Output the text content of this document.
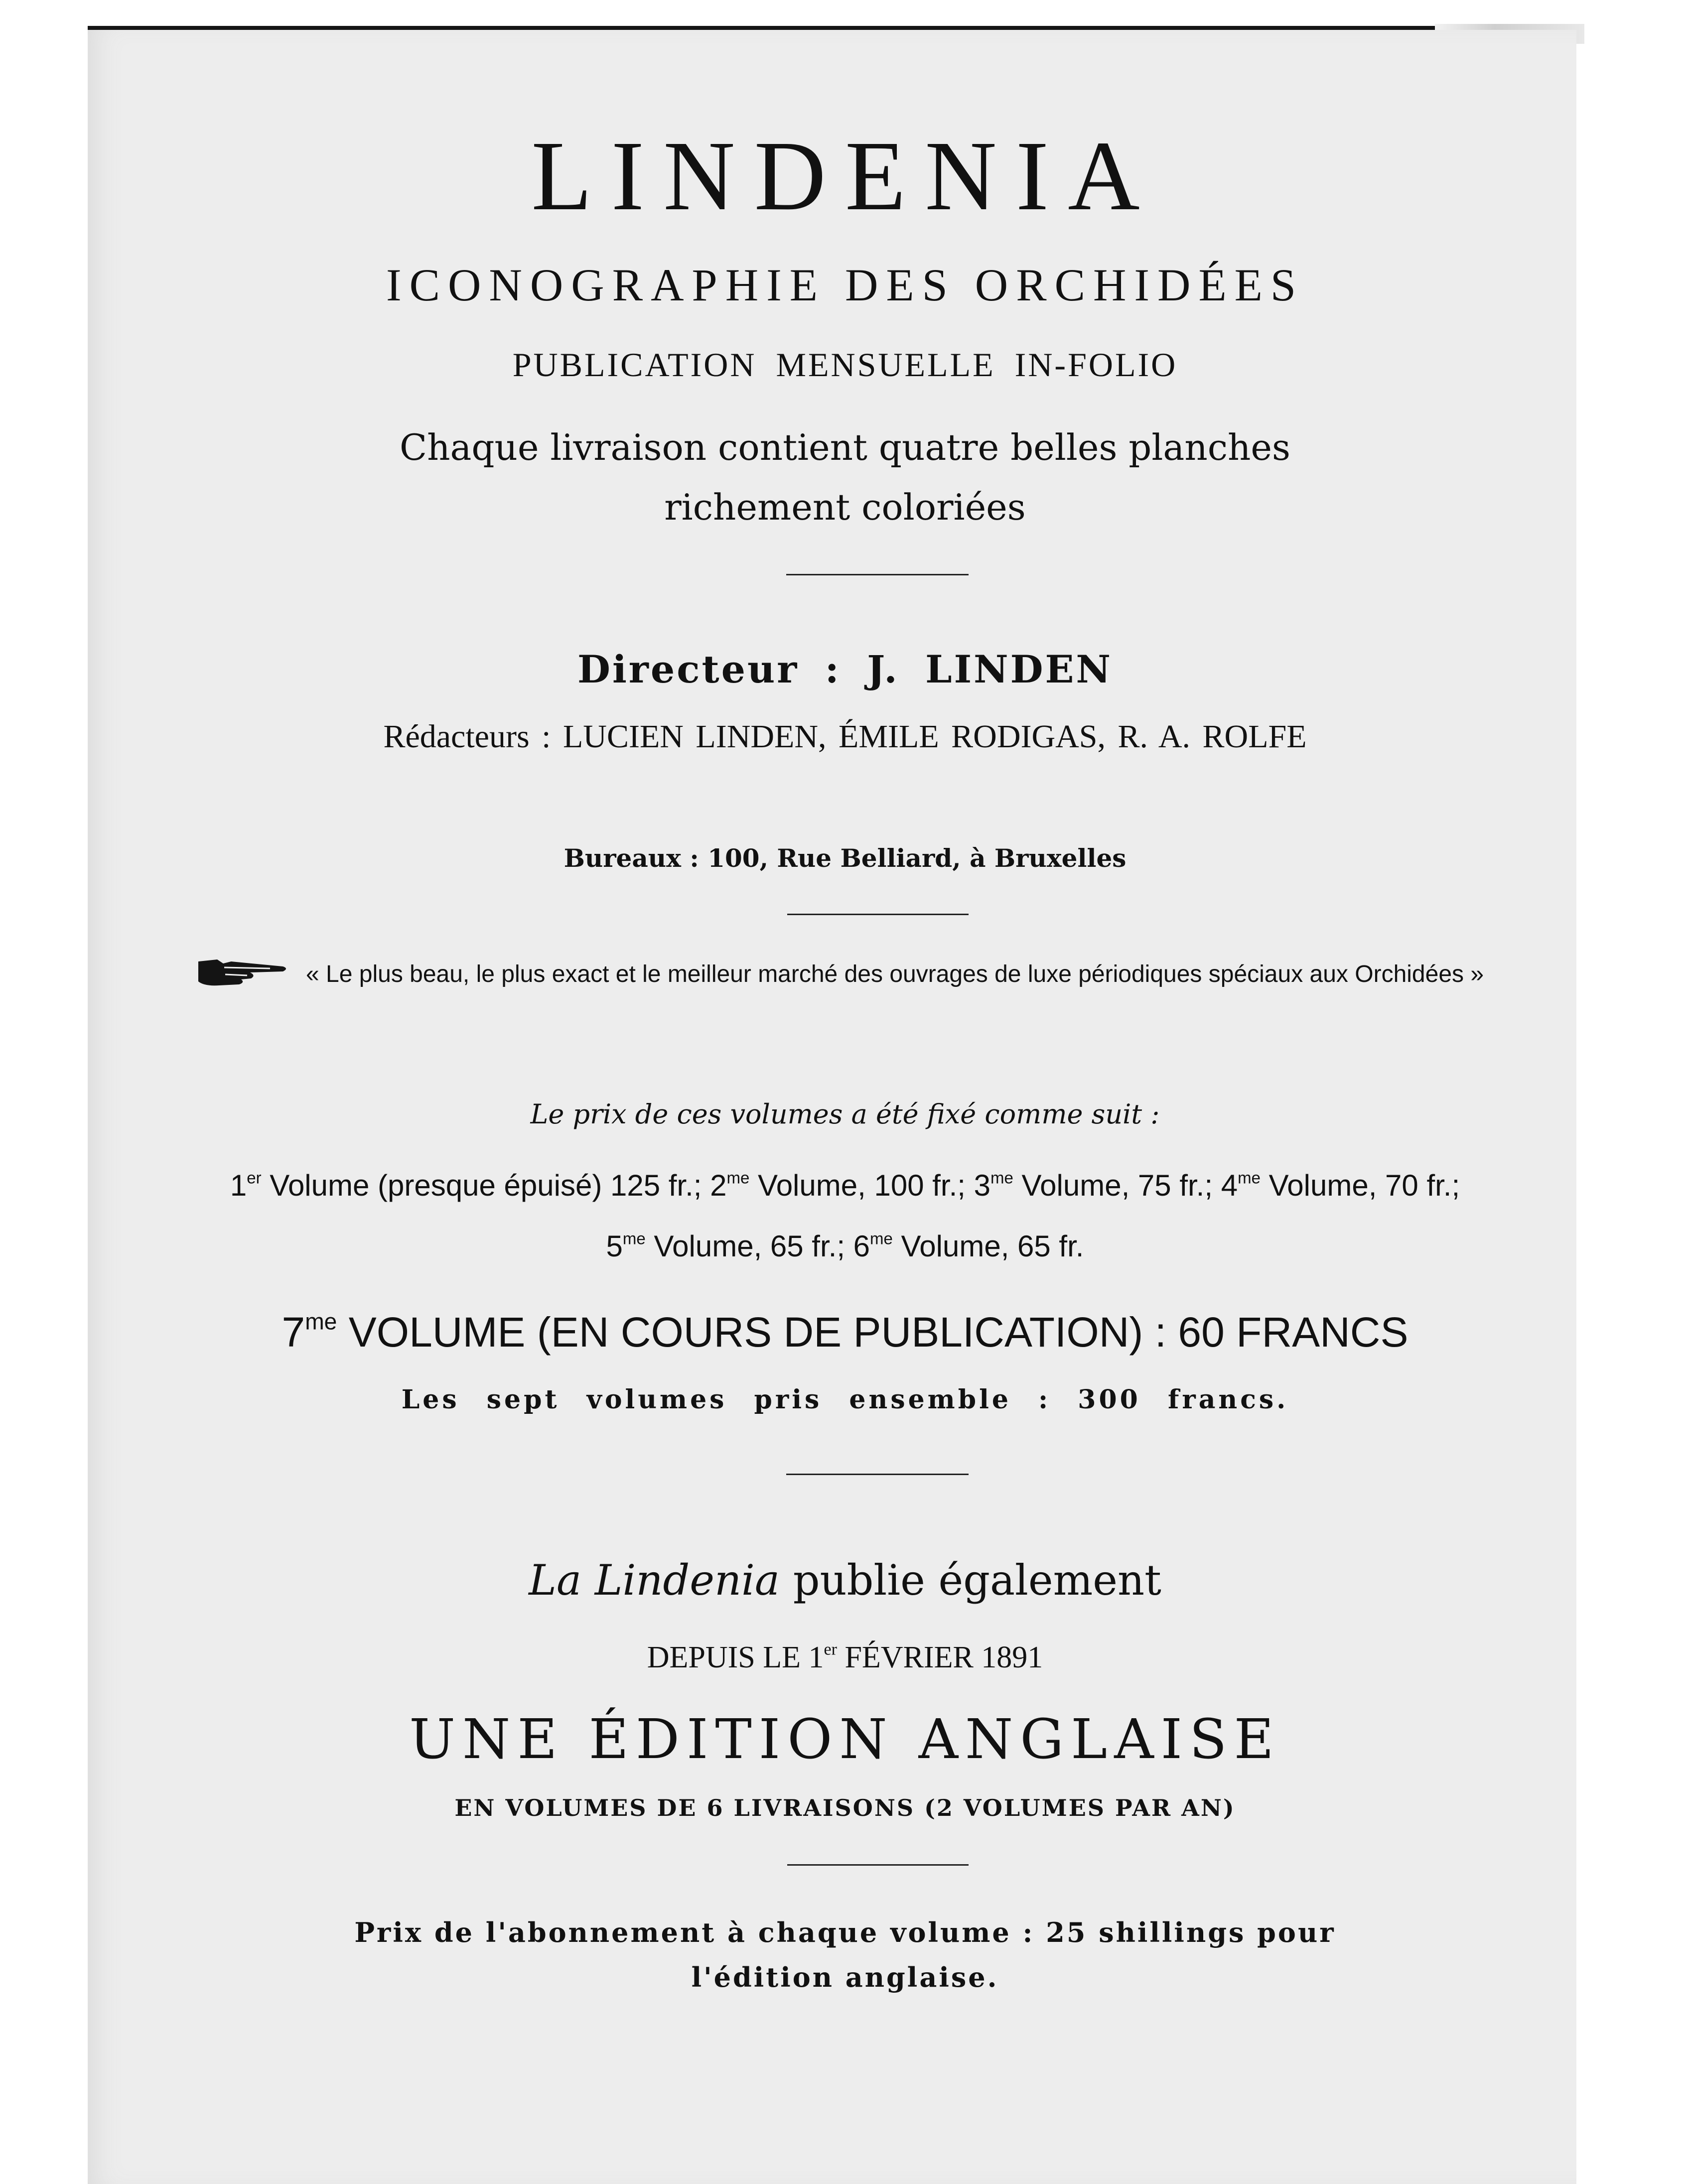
LINDENIA
ICONOGRAPHIE DES ORCHIDÉES
PUBLICATION MENSUELLE IN-FOLIO
Chaque livraison contient quatre belles planches
richement coloriées
Directeur : J. LINDEN
Rédacteurs : LUCIEN LINDEN, ÉMILE RODIGAS, R. A. ROLFE
Bureaux : 100, Rue Belliard, à Bruxelles
« Le plus beau, le plus exact et le meilleur marché des ouvrages de luxe périodiques spéciaux aux Orchidées »
Le prix de ces volumes a été fixé comme suit :
1er Volume (presque épuisé) 125 fr.; $2^{me}$ Volume, 100 fr.; $3^{me}$ Volume, 75 fr.; $4^{me}$ Volume, 70 fr.;
$5^{me}$ Volume, 65 fr.; $6^{me}$ Volume, 65 fr.
$7^{me}$ VOLUME (EN COURS DE PUBLICATION) : 60 FRANCS
Les sept volumes pris ensemble : 300 francs.
La Lindenia publie également
DEPUIS LE 1er FÉVRIER 1891
UNE ÉDITION ANGLAISE
EN VOLUMES DE 6 LIVRAISONS (2 VOLUMES PAR AN)
Prix de l'abonnement à chaque volume : 25 shillings pour
l'édition anglaise.
